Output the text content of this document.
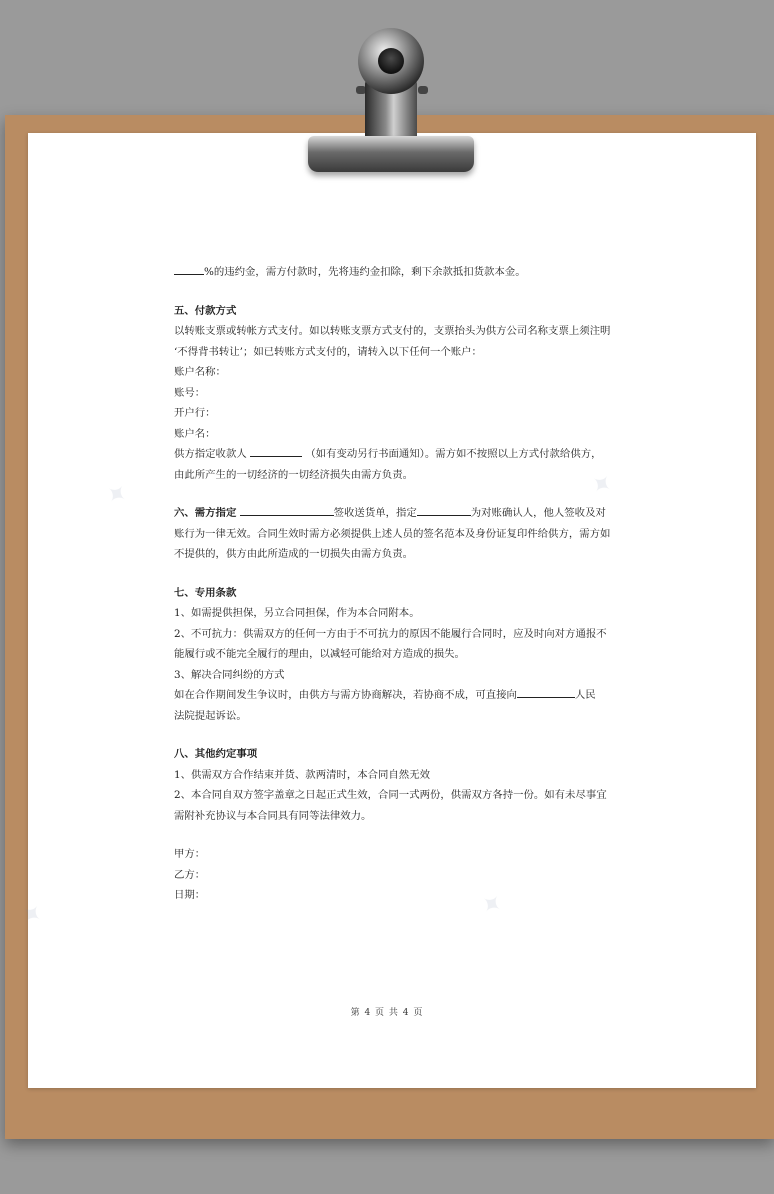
✦	✦
✦	✦
%的违约金，需方付款时，先将违约金扣除，剩下余款抵扣货款本金。
五、付款方式
以转账支票或转帐方式支付。如以转账支票方式支付的，支票抬头为供方公司名称支票上须注明
‘不得背书转让’；如已转账方式支付的，请转入以下任何一个账户：
账户名称：
账号：
开户行：
账户名：
供方指定收款人	（如有变动另行书面通知）。需方如不按照以上方式付款给供方，
由此所产生的一切经济的一切经济损失由需方负责。
六、需方指定	签收送货单，指定	为对账确认人，他人签收及对
账行为一律无效。合同生效时需方必须提供上述人员的签名范本及身份证复印件给供方，需方如
不提供的，供方由此所造成的一切损失由需方负责。
七、专用条款
1、如需提供担保，另立合同担保，作为本合同附本。
2、不可抗力：供需双方的任何一方由于不可抗力的原因不能履行合同时，应及时向对方通报不
能履行或不能完全履行的理由，以减轻可能给对方造成的损失。
3、解决合同纠纷的方式
如在合作期间发生争议时，由供方与需方协商解决，若协商不成，可直接向	人民
法院提起诉讼。
八、其他约定事项
1、供需双方合作结束并货、款两清时，本合同自然无效
2、本合同自双方签字盖章之日起正式生效，合同一式两份，供需双方各持一份。如有未尽事宜
需附补充协议与本合同具有同等法律效力。
甲方：
乙方：
日期：
第 4 页 共 4 页
